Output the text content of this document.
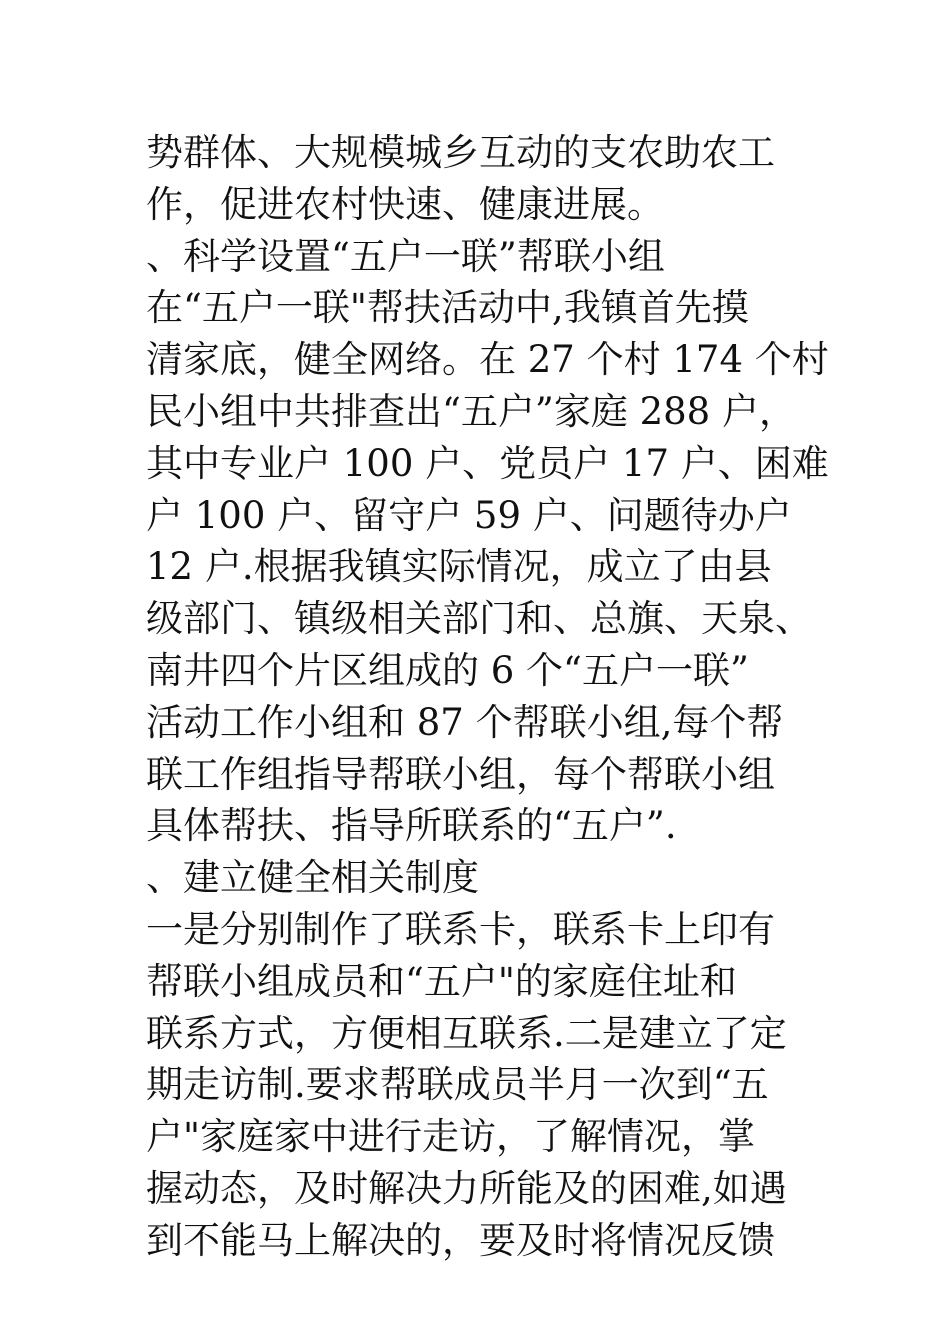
势群体、大规模城乡互动的支农助农工
作，促进农村快速、健康进展。
、科学设置“五户一联”帮联小组
在“五户一联"帮扶活动中,我镇首先摸
清家底，健全网络。在 27 个村 174 个村
民小组中共排查出“五户”家庭 288 户，
其中专业户 100 户、党员户 17 户、困难
户 100 户、留守户 59 户、问题待办户
12 户.根据我镇实际情况，成立了由县
级部门、镇级相关部门和、总旗、天泉、
南井四个片区组成的 6 个“五户一联”
活动工作小组和 87 个帮联小组,每个帮
联工作组指导帮联小组，每个帮联小组
具体帮扶、指导所联系的“五户”.
、建立健全相关制度
一是分别制作了联系卡，联系卡上印有
帮联小组成员和“五户"的家庭住址和
联系方式，方便相互联系.二是建立了定
期走访制.要求帮联成员半月一次到“五
户"家庭家中进行走访，了解情况，掌
握动态，及时解决力所能及的困难,如遇
到不能马上解决的，要及时将情况反馈
